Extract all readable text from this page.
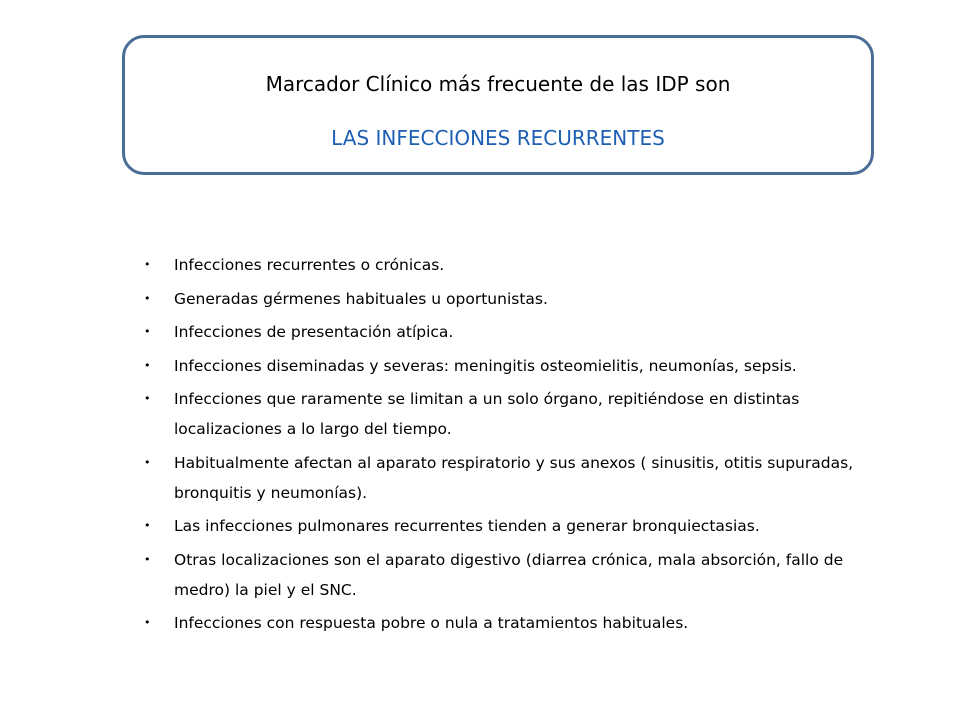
Marcador Clínico más frecuente de las IDP son
LAS INFECCIONES RECURRENTES
• Infecciones recurrentes o crónicas.
• Generadas gérmenes habituales u oportunistas.
• Infecciones de presentación atípica.
• Infecciones diseminadas y severas: meningitis osteomielitis, neumonías, sepsis.
• Infecciones que raramente se limitan a un solo órgano, repitiéndose en distintas localizaciones a lo largo del tiempo.
• Habitualmente afectan al aparato respiratorio y sus anexos ( sinusitis, otitis supuradas, bronquitis y neumonías).
• Las infecciones pulmonares recurrentes tienden a generar bronquiectasias.
• Otras localizaciones son el aparato digestivo (diarrea crónica, mala absorción, fallo de medro) la piel y el SNC.
• Infecciones con respuesta pobre o nula a tratamientos habituales.
